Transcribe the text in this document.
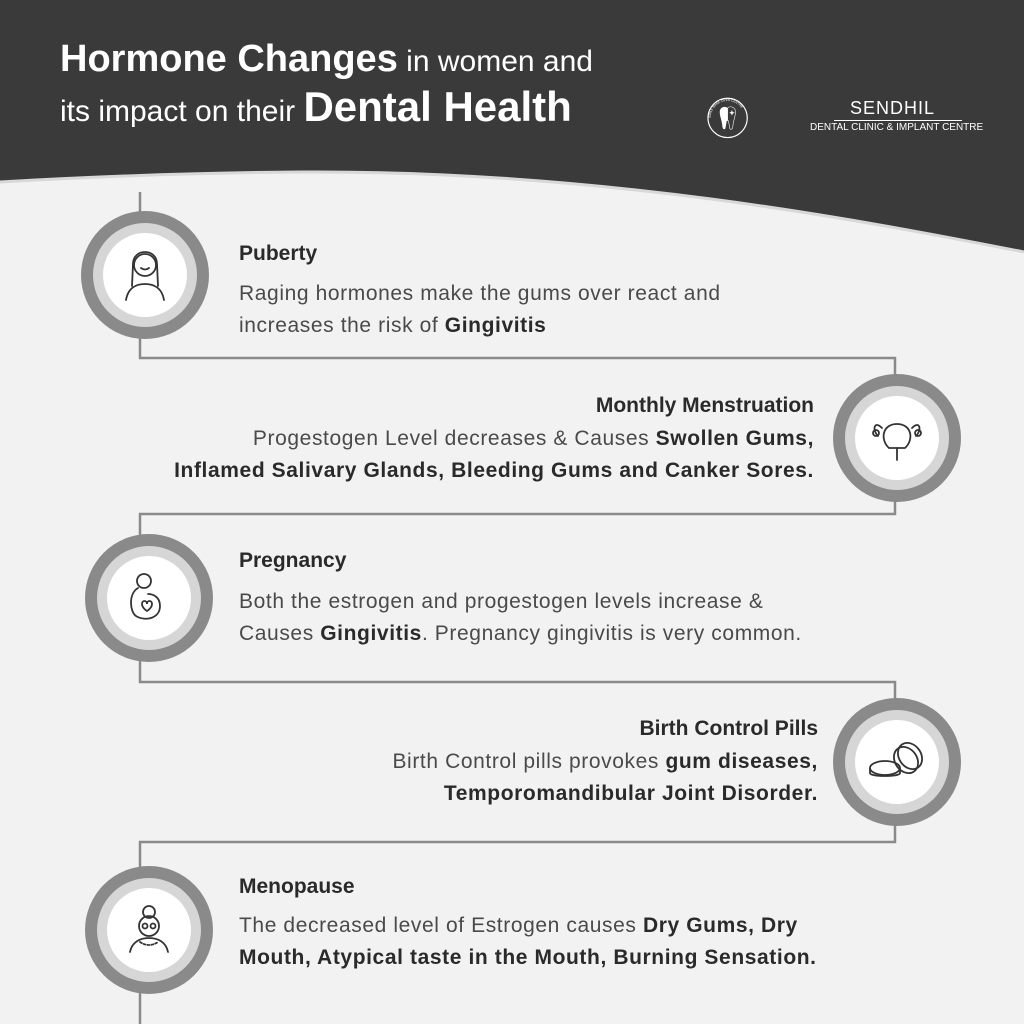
Hormone Changes in women and
its impact on their Dental Health	SMILE MAKE OVER CENTRE	SENDHIL
DENTAL CLINIC & IMPLANT CENTRE
Puberty
Raging hormones make the gums over react and
increases the risk of Gingivitis
Monthly Menstruation
Progestogen Level decreases & Causes Swollen Gums,
Inflamed Salivary Glands, Bleeding Gums and Canker Sores.
Pregnancy
Both the estrogen and progestogen levels increase &
Causes Gingivitis. Pregnancy gingivitis is very common.
Birth Control Pills
Birth Control pills provokes gum diseases,
Temporomandibular Joint Disorder.
Menopause
The decreased level of Estrogen causes Dry Gums, Dry
Mouth, Atypical taste in the Mouth, Burning Sensation.
